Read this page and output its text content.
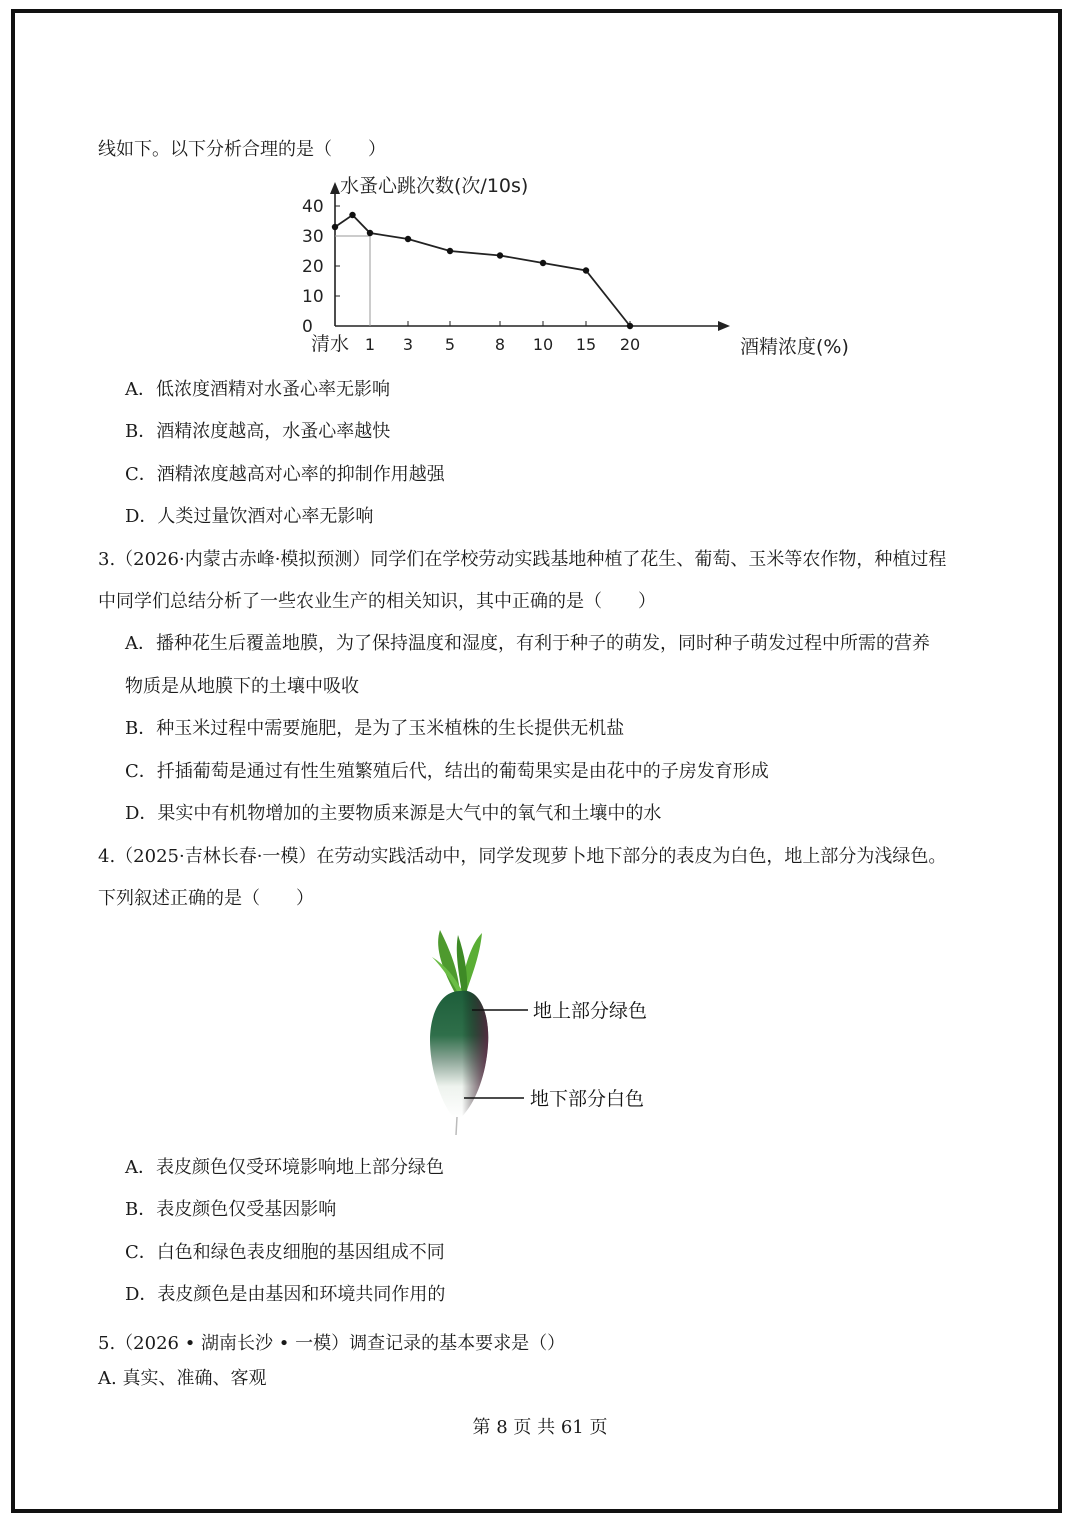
线如下。以下分析合理的是（　　）
水蚤心跳次数(次/10s)
酒精浓度(%)
40
30
20
10
0
清水 1 3 5 8 10 15 20
A．低浓度酒精对水蚤心率无影响
B．酒精浓度越高，水蚤心率越快
C．酒精浓度越高对心率的抑制作用越强
D．人类过量饮酒对心率无影响
3.（2026·内蒙古赤峰·模拟预测）同学们在学校劳动实践基地种植了花生、葡萄、玉米等农作物，种植过程
中同学们总结分析了一些农业生产的相关知识，其中正确的是（　　）
A．播种花生后覆盖地膜，为了保持温度和湿度，有利于种子的萌发，同时种子萌发过程中所需的营养
物质是从地膜下的土壤中吸收
B．种玉米过程中需要施肥，是为了玉米植株的生长提供无机盐
C．扦插葡萄是通过有性生殖繁殖后代，结出的葡萄果实是由花中的子房发育形成
D．果实中有机物增加的主要物质来源是大气中的氧气和土壤中的水
4.（2025·吉林长春·一模）在劳动实践活动中，同学发现萝卜地下部分的表皮为白色，地上部分为浅绿色。
下列叙述正确的是（　　）
地上部分绿色
地下部分白色
A．表皮颜色仅受环境影响地上部分绿色
B．表皮颜色仅受基因影响
C．白色和绿色表皮细胞的基因组成不同
D．表皮颜色是由基因和环境共同作用的
5.（2026 • 湖南长沙 • 一模）调查记录的基本要求是（）
A. 真实、准确、客观
第 8 页 共 61 页
